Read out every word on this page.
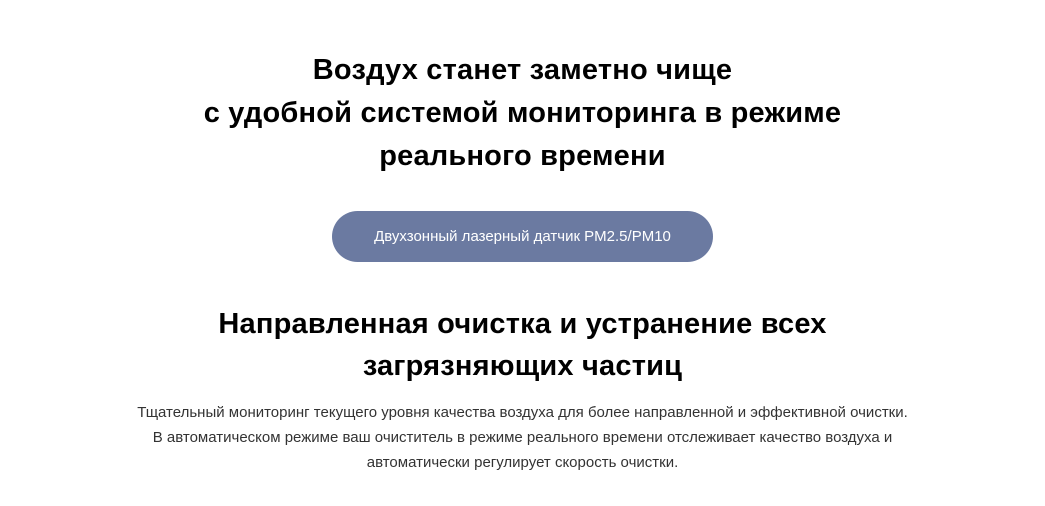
Воздух станет заметно чище
с удобной системой мониторинга в режиме
реального времени
Двухзонный лазерный датчик PM2.5/PM10
Направленная очистка и устранение всех
загрязняющих частиц

Тщательный мониторинг текущего уровня качества воздуха для более направленной и эффективной очистки. В автоматическом режиме ваш очиститель в режиме реального времени отслеживает качество воздуха и автоматически регулирует скорость очистки.
